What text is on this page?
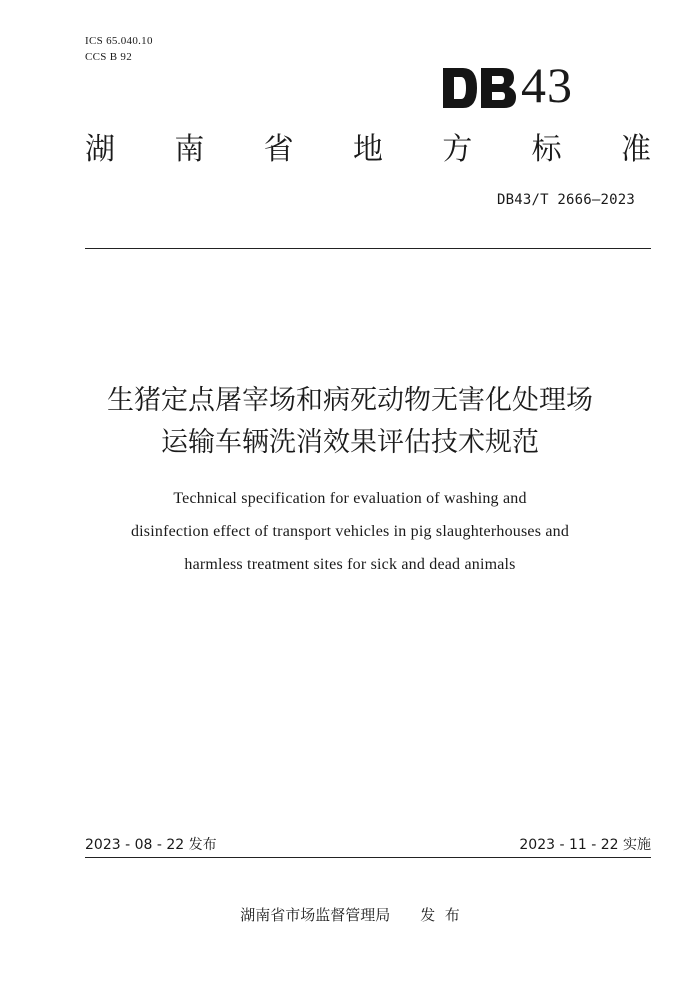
ICS 65.040.10
CCS B 92	43
湖 南 省 地 方 标 准
DB43/T 2666—2023
生猪定点屠宰场和病死动物无害化处理场
运输车辆洗消效果评估技术规范
Technical specification for evaluation of washing and
disinfection effect of transport vehicles in pig slaughterhouses and
harmless treatment sites for sick and dead animals
2023 - 08 - 22 发布	2023 - 11 - 22 实施
湖南省市场监督管理局 发  布
